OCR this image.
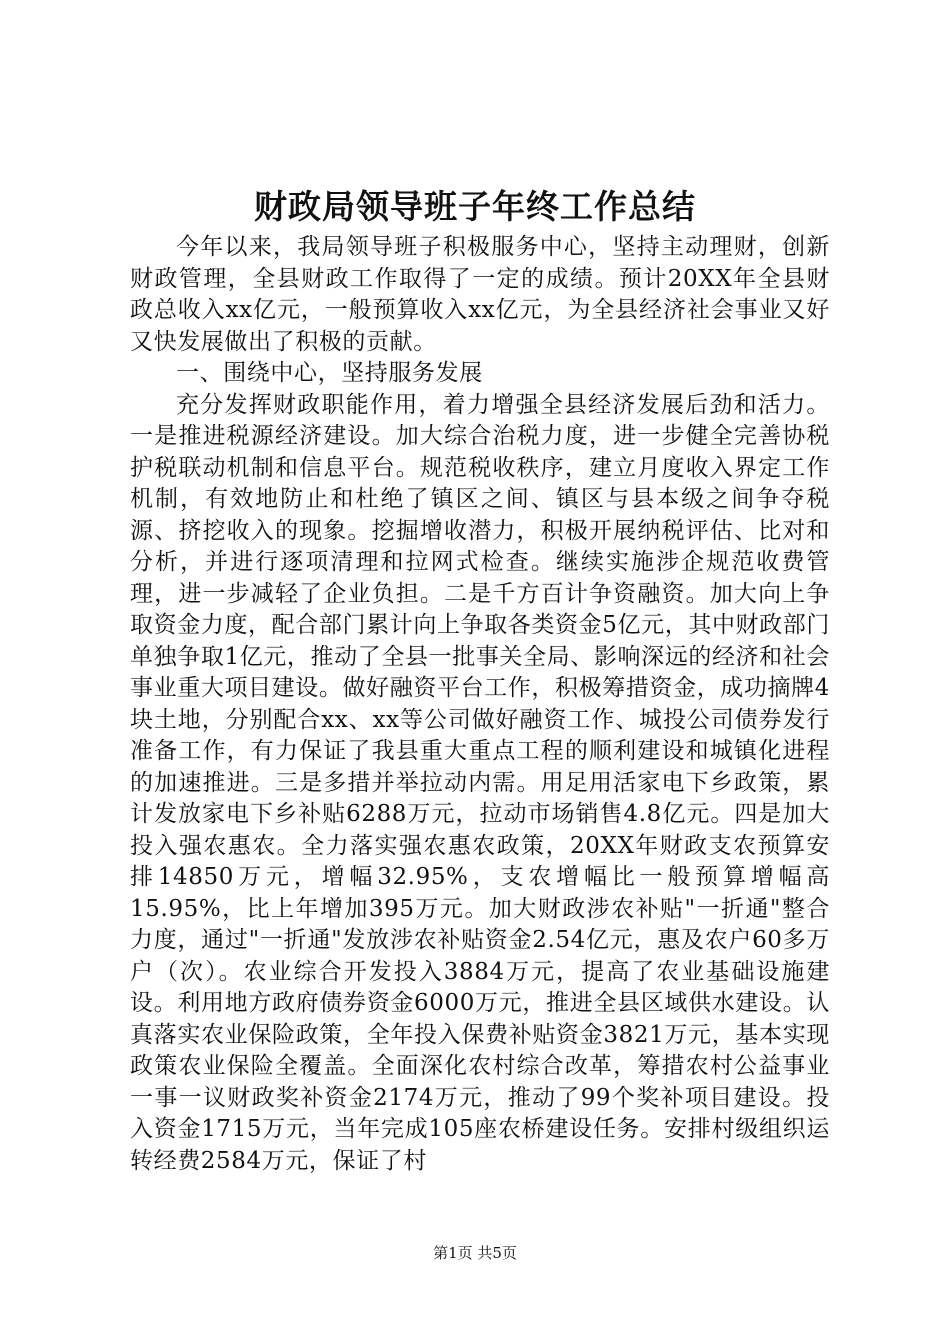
财政局领导班子年终工作总结

今年以来，我局领导班子积极服务中心，坚持主动理财，创新财政管理，全县财政工作取得了一定的成绩。预计20XX年全县财政总收入xx亿元，一般预算收入xx亿元，为全县经济社会事业又好又快发展做出了积极的贡献。

一、围绕中心，坚持服务发展

充分发挥财政职能作用，着力增强全县经济发展后劲和活力。一是推进税源经济建设。加大综合治税力度，进一步健全完善协税护税联动机制和信息平台。规范税收秩序，建立月度收入界定工作机制，有效地防止和杜绝了镇区之间、镇区与县本级之间争夺税源、挤挖收入的现象。挖掘增收潜力，积极开展纳税评估、比对和分析，并进行逐项清理和拉网式检查。继续实施涉企规范收费管理，进一步减轻了企业负担。二是千方百计争资融资。加大向上争取资金力度，配合部门累计向上争取各类资金5亿元，其中财政部门单独争取1亿元，推动了全县一批事关全局、影响深远的经济和社会事业重大项目建设。做好融资平台工作，积极筹措资金，成功摘牌4块土地，分别配合xx、xx等公司做好融资工作、城投公司债券发行准备工作，有力保证了我县重大重点工程的顺利建设和城镇化进程的加速推进。三是多措并举拉动内需。用足用活家电下乡政策，累计发放家电下乡补贴6288万元，拉动市场销售4.8亿元。四是加大投入强农惠农。全力落实强农惠农政策，20XX年财政支农预算安排14850万元，增幅32.95%，支农增幅比一般预算增幅高15.95%，比上年增加395万元。加大财政涉农补贴"一折通"整合力度，通过"一折通"发放涉农补贴资金2.54亿元，惠及农户60多万户（次）。农业综合开发投入3884万元，提高了农业基础设施建设。利用地方政府债券资金6000万元，推进全县区域供水建设。认真落实农业保险政策，全年投入保费补贴资金3821万元，基本实现政策农业保险全覆盖。全面深化农村综合改革，筹措农村公益事业一事一议财政奖补资金2174万元，推动了99个奖补项目建设。投入资金1715万元，当年完成105座农桥建设任务。安排村级组织运转经费2584万元，保证了村

第1页 共5页
